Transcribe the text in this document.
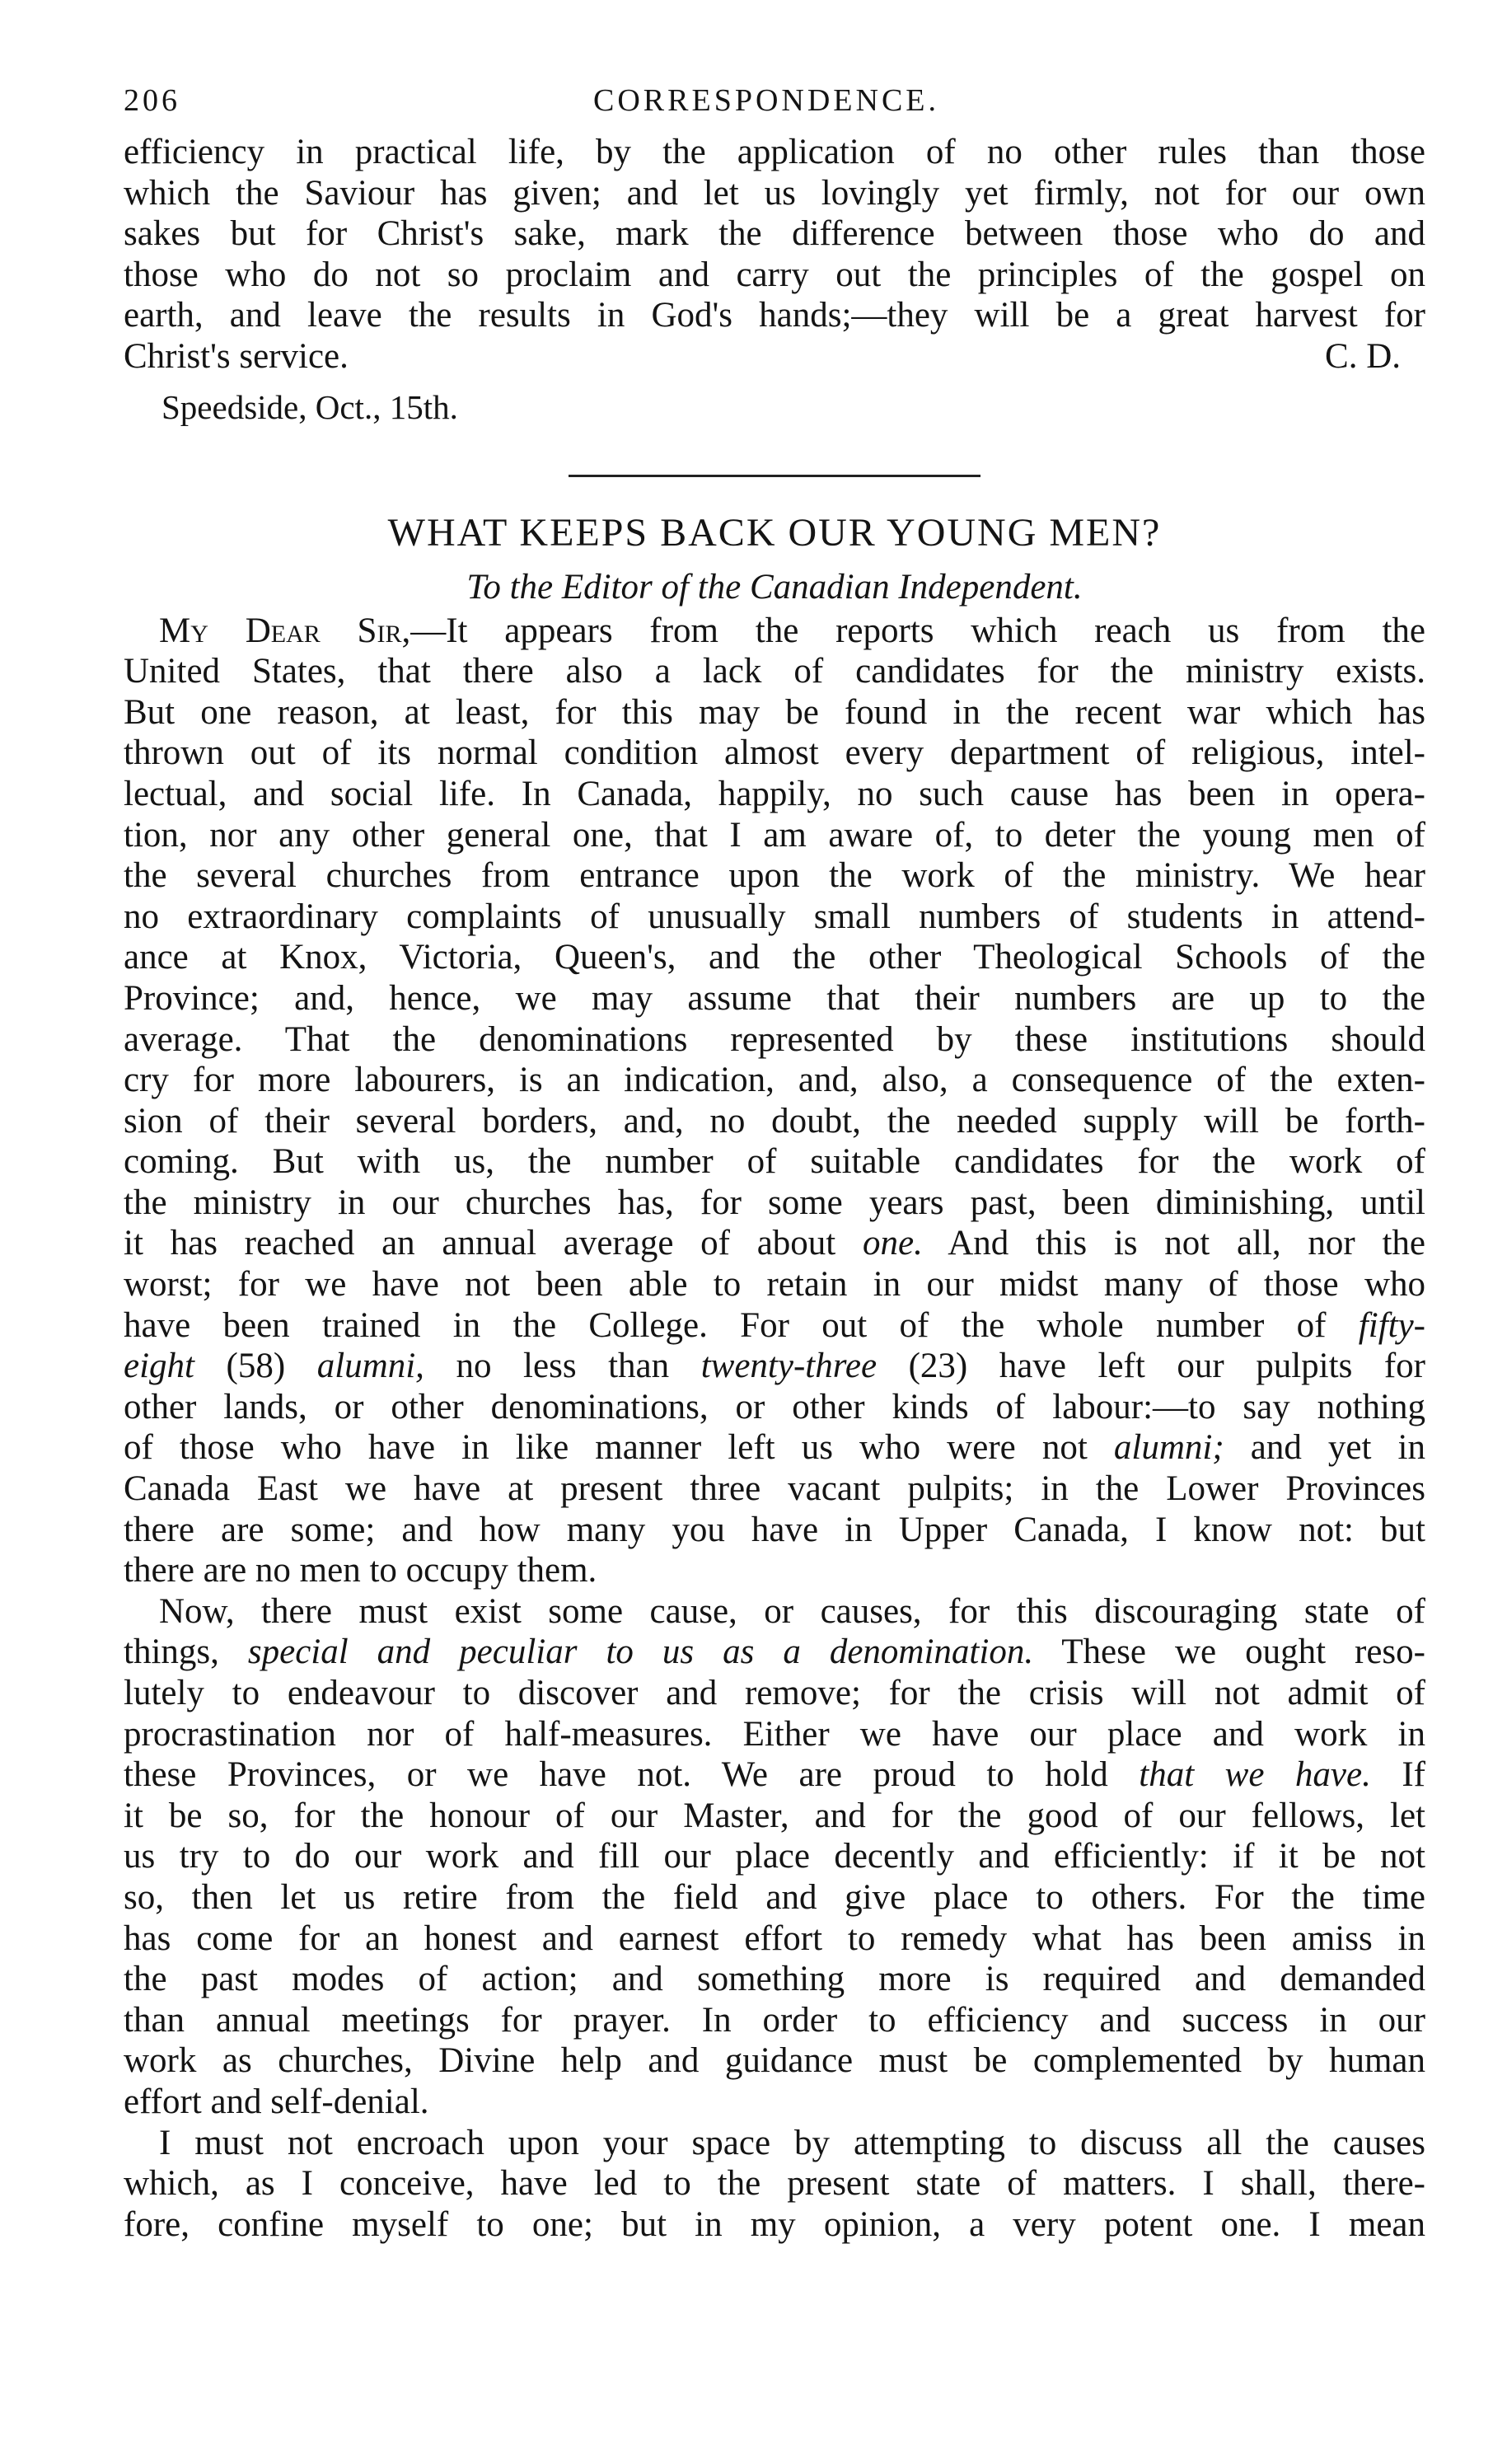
206	CORRESPONDENCE.
efficiency in practical life, by the application of no other rules than those
which the Saviour has given; and let us lovingly yet firmly, not for our own
sakes but for Christ's sake, mark the difference between those who do and
those who do not so proclaim and carry out the principles of the gospel on
earth, and leave the results in God's hands;—they will be a great harvest for
Christ's service.	C. D.
Speedside, Oct., 15th.
WHAT KEEPS BACK OUR YOUNG MEN?
To the Editor of the Canadian Independent.
 My Dear Sir,—It appears from the reports which reach us from the
United States, that there also a lack of candidates for the ministry exists.
But one reason, at least, for this may be found in the recent war which has
thrown out of its normal condition almost every department of religious, intel-
lectual, and social life. In Canada, happily, no such cause has been in opera-
tion, nor any other general one, that I am aware of, to deter the young men of
the several churches from entrance upon the work of the ministry. We hear
no extraordinary complaints of unusually small numbers of students in attend-
ance at Knox, Victoria, Queen's, and the other Theological Schools of the
Province; and, hence, we may assume that their numbers are up to the
average. That the denominations represented by these institutions should
cry for more labourers, is an indication, and, also, a consequence of the exten-
sion of their several borders, and, no doubt, the needed supply will be forth-
coming. But with us, the number of suitable candidates for the work of
the ministry in our churches has, for some years past, been diminishing, until
it has reached an annual average of about one. And this is not all, nor the
worst; for we have not been able to retain in our midst many of those who
have been trained in the College. For out of the whole number of fifty-
eight (58) alumni, no less than twenty-three (23) have left our pulpits for
other lands, or other denominations, or other kinds of labour:—to say nothing
of those who have in like manner left us who were not alumni; and yet in
Canada East we have at present three vacant pulpits; in the Lower Provinces
there are some; and how many you have in Upper Canada, I know not: but
there are no men to occupy them.
 Now, there must exist some cause, or causes, for this discouraging state of
things, special and peculiar to us as a denomination. These we ought reso-
lutely to endeavour to discover and remove; for the crisis will not admit of
procrastination nor of half-measures. Either we have our place and work in
these Provinces, or we have not. We are proud to hold that we have. If
it be so, for the honour of our Master, and for the good of our fellows, let
us try to do our work and fill our place decently and efficiently: if it be not
so, then let us retire from the field and give place to others. For the time
has come for an honest and earnest effort to remedy what has been amiss in
the past modes of action; and something more is required and demanded
than annual meetings for prayer. In order to efficiency and success in our
work as churches, Divine help and guidance must be complemented by human
effort and self-denial.
 I must not encroach upon your space by attempting to discuss all the causes
which, as I conceive, have led to the present state of matters. I shall, there-
fore, confine myself to one; but in my opinion, a very potent one. I mean
